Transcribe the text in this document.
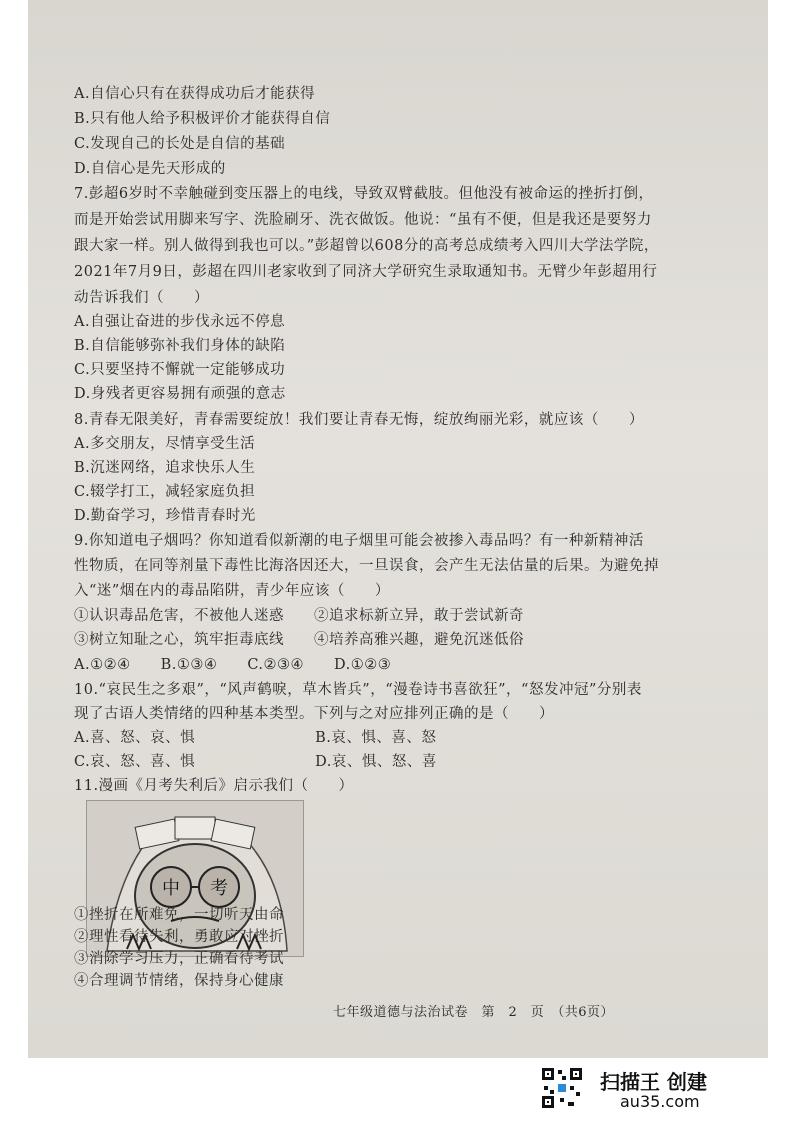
A.自信心只有在获得成功后才能获得
B.只有他人给予积极评价才能获得自信
C.发现自己的长处是自信的基础
D.自信心是先天形成的
7.彭超6岁时不幸触碰到变压器上的电线，导致双臂截肢。但他没有被命运的挫折打倒，
而是开始尝试用脚来写字、洗脸刷牙、洗衣做饭。他说：“虽有不便，但是我还是要努力
跟大家一样。别人做得到我也可以。”彭超曾以608分的高考总成绩考入四川大学法学院，
2021年7月9日，彭超在四川老家收到了同济大学研究生录取通知书。无臂少年彭超用行
动告诉我们（　　）
A.自强让奋进的步伐永远不停息
B.自信能够弥补我们身体的缺陷
C.只要坚持不懈就一定能够成功
D.身残者更容易拥有顽强的意志
8.青春无限美好，青春需要绽放！我们要让青春无悔，绽放绚丽光彩，就应该（　　）
A.多交朋友，尽情享受生活
B.沉迷网络，追求快乐人生
C.辍学打工，减轻家庭负担
D.勤奋学习，珍惜青春时光
9.你知道电子烟吗？你知道看似新潮的电子烟里可能会被掺入毒品吗？有一种新精神活
性物质，在同等剂量下毒性比海洛因还大，一旦误食，会产生无法估量的后果。为避免掉
入“迷”烟在内的毒品陷阱，青少年应该（　　）
①认识毒品危害，不被他人迷惑　　②追求标新立异，敢于尝试新奇
③树立知耻之心，筑牢拒毒底线　　④培养高雅兴趣，避免沉迷低俗
A.①②④　　B.①③④　　C.②③④　　D.①②③
10.“哀民生之多艰”，“风声鹤唳，草木皆兵”，“漫卷诗书喜欲狂”，“怒发冲冠”分别表
现了古语人类情绪的四种基本类型。下列与之对应排列正确的是（　　）
A.喜、怒、哀、惧　　　　　　　　B.哀、惧、喜、怒
C.哀、怒、喜、惧　　　　　　　　D.哀、惧、怒、喜
11.漫画《月考失利后》启示我们（　　）
中 考
①挫折在所难免，一切听天由命
②理性看待失利，勇敢应对挫折
③消除学习压力，正确看待考试
④合理调节情绪，保持身心健康
七年级道德与法治试卷　第　2　页　（共6页）
扫描王 创建
au35.com
